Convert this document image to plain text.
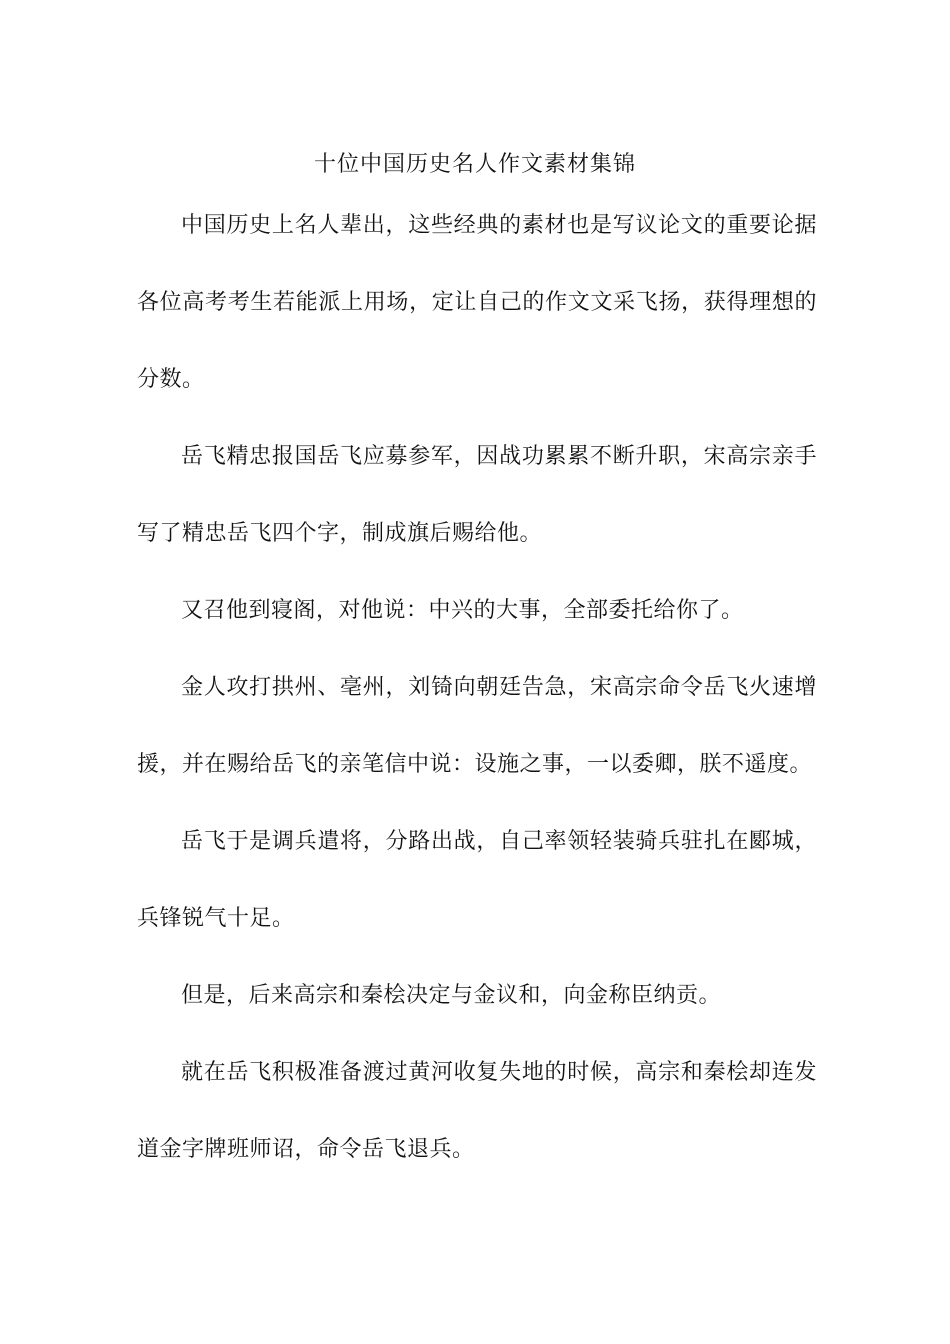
十位中国历史名人作文素材集锦

中国历史上名人辈出，这些经典的素材也是写议论文的重要论据各位高考考生若能派上用场，定让自己的作文文采飞扬，获得理想的分数。

岳飞精忠报国岳飞应募参军，因战功累累不断升职，宋高宗亲手写了精忠岳飞四个字，制成旗后赐给他。

又召他到寝阁，对他说：中兴的大事，全部委托给你了。

金人攻打拱州、亳州，刘锜向朝廷告急，宋高宗命令岳飞火速增援，并在赐给岳飞的亲笔信中说：设施之事，一以委卿，朕不遥度。

岳飞于是调兵遣将，分路出战，自己率领轻装骑兵驻扎在郾城，兵锋锐气十足。

但是，后来高宗和秦桧决定与金议和，向金称臣纳贡。

就在岳飞积极准备渡过黄河收复失地的时候，高宗和秦桧却连发道金字牌班师诏，命令岳飞退兵。
